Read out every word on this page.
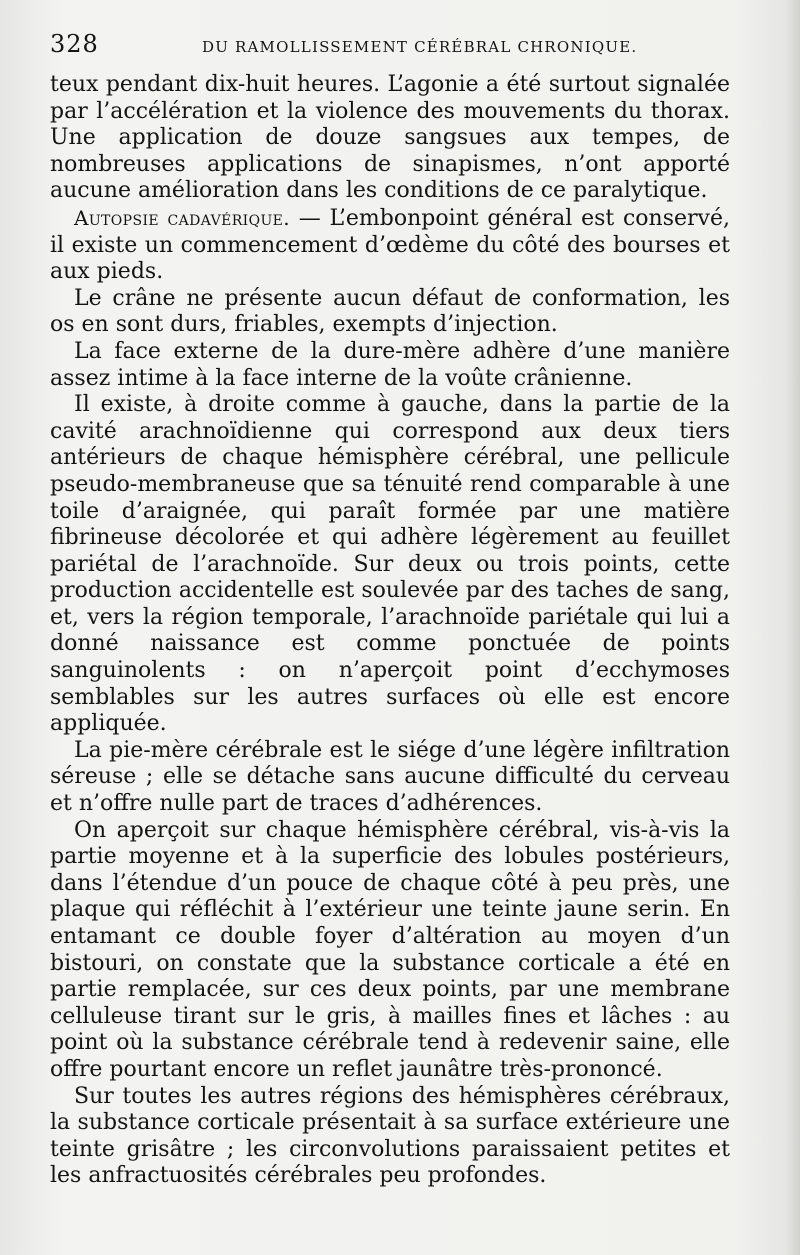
328	DU RAMOLLISSEMENT CÉRÉBRAL CHRONIQUE.

teux pendant dix-huit heures. L’agonie a été surtout signalée par l’accélération et la violence des mouvements du thorax. Une application de douze sangsues aux tempes, de nombreuses applications de sinapismes, n’ont apporté aucune amélioration dans les conditions de ce paralytique.

Autopsie cadavérique. — L’embonpoint général est conservé, il existe un commencement d’œdème du côté des bourses et aux pieds.

Le crâne ne présente aucun défaut de conformation, les os en sont durs, friables, exempts d’injection.

La face externe de la dure-mère adhère d’une manière assez intime à la face interne de la voûte crânienne.

Il existe, à droite comme à gauche, dans la partie de la cavité arachnoïdienne qui correspond aux deux tiers antérieurs de chaque hémisphère cérébral, une pellicule pseudo-membraneuse que sa ténuité rend comparable à une toile d’araignée, qui paraît formée par une matière fibrineuse décolorée et qui adhère légèrement au feuillet pariétal de l’arachnoïde. Sur deux ou trois points, cette production accidentelle est soulevée par des taches de sang, et, vers la région temporale, l’arachnoïde pariétale qui lui a donné naissance est comme ponctuée de points sanguinolents : on n’aperçoit point d’ecchymoses semblables sur les autres surfaces où elle est encore appliquée.

La pie-mère cérébrale est le siége d’une légère infiltration séreuse ; elle se détache sans aucune difficulté du cerveau et n’offre nulle part de traces d’adhérences.

On aperçoit sur chaque hémisphère cérébral, vis-à-vis la partie moyenne et à la superficie des lobules postérieurs, dans l’étendue d’un pouce de chaque côté à peu près, une plaque qui réfléchit à l’extérieur une teinte jaune serin. En entamant ce double foyer d’altération au moyen d’un bistouri, on constate que la substance corticale a été en partie remplacée, sur ces deux points, par une membrane celluleuse tirant sur le gris, à mailles fines et lâches : au point où la substance cérébrale tend à redevenir saine, elle offre pourtant encore un reflet jaunâtre très-prononcé.

Sur toutes les autres régions des hémisphères cérébraux, la substance corticale présentait à sa surface extérieure une teinte grisâtre ; les circonvolutions paraissaient petites et les anfractuosités cérébrales peu profondes.
